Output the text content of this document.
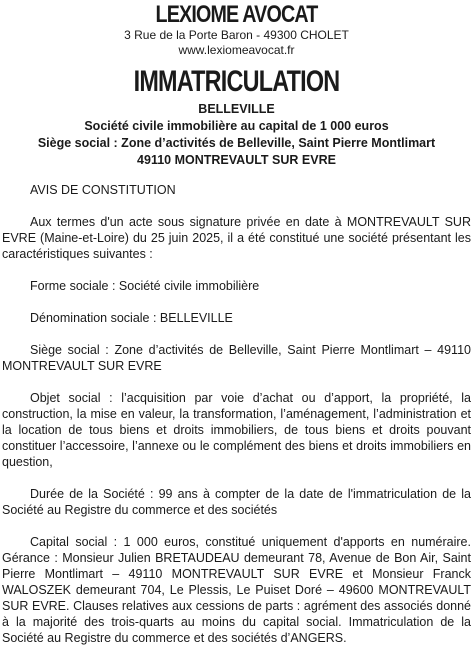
LEXIOME AVOCAT
3 Rue de la Porte Baron - 49300 CHOLET
www.lexiomeavocat.fr
IMMATRICULATION
BELLEVILLE
Société civile immobilière au capital de 1 000 euros
Siège social : Zone d’activités de Belleville, Saint Pierre Montlimart
49110 MONTREVAULT SUR EVRE
AVIS DE CONSTITUTION

Aux termes d'un acte sous signature privée en date à MONTREVAULT SUR EVRE (Maine-et-Loire) du 25 juin 2025, il a été constitué une société présentant les caractéristiques suivantes :

Forme sociale : Société civile immobilière

Dénomination sociale : BELLEVILLE

Siège social : Zone d’activités de Belleville, Saint Pierre Montlimart – 49110 MONTREVAULT SUR EVRE

Objet social : l’acquisition par voie d’achat ou d’apport, la propriété, la construction, la mise en valeur, la transformation, l’aménagement, l’administration et la location de tous biens et droits immobiliers, de tous biens et droits pouvant constituer l’accessoire, l’annexe ou le complément des biens et droits immobiliers en question,

Durée de la Société : 99 ans à compter de la date de l'immatriculation de la Société au Registre du commerce et des sociétés

Capital social : 1 000 euros, constitué uniquement d'apports en numéraire. Gérance : Monsieur Julien BRETAUDEAU demeurant 78, Avenue de Bon Air, Saint Pierre Montlimart – 49110 MONTREVAULT SUR EVRE et Monsieur Franck WALOSZEK demeurant 704, Le Plessis, Le Puiset Doré – 49600 MONTREVAULT SUR EVRE. Clauses relatives aux cessions de parts : agrément des associés donné à la majorité des trois-quarts au moins du capital social. Immatriculation de la Société au Registre du commerce et des sociétés d’ANGERS.
